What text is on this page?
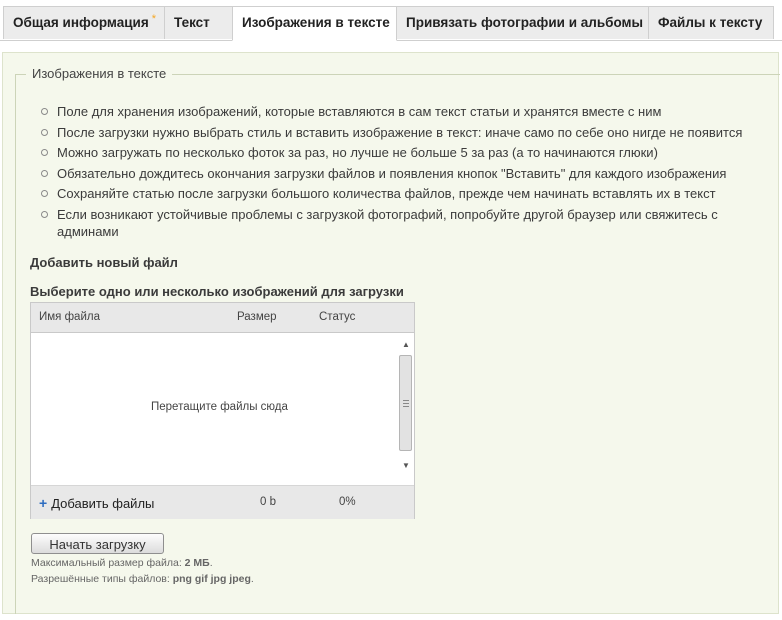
Общая информация *	Текст	Изображения в тексте	Привязать фотографии и альбомы	Файлы к тексту
Изображения в тексте
Поле для хранения изображений, которые вставляются в сам текст статьи и хранятся вместе с ним
После загрузки нужно выбрать стиль и вставить изображение в текст: иначе само по себе оно нигде не появится
Можно загружать по несколько фоток за раз, но лучше не больше 5 за раз (а то начинаются глюки)
Обязательно дождитесь окончания загрузки файлов и появления кнопок "Вставить" для каждого изображения
Сохраняйте статью после загрузки большого количества файлов, прежде чем начинать вставлять их в текст
Если возникают устойчивые проблемы с загрузкой фотографий, попробуйте другой браузер или свяжитесь с админами
Добавить новый файл
Выберите одно или несколько изображений для загрузки
Имя файла	Размер	Статус
Перетащите файлы сюда
▲
▼
+ Добавить файлы	0 b	0%
Начать загрузку
Максимальный размер файла: 2 МБ.
Разрешённые типы файлов: png gif jpg jpeg.
